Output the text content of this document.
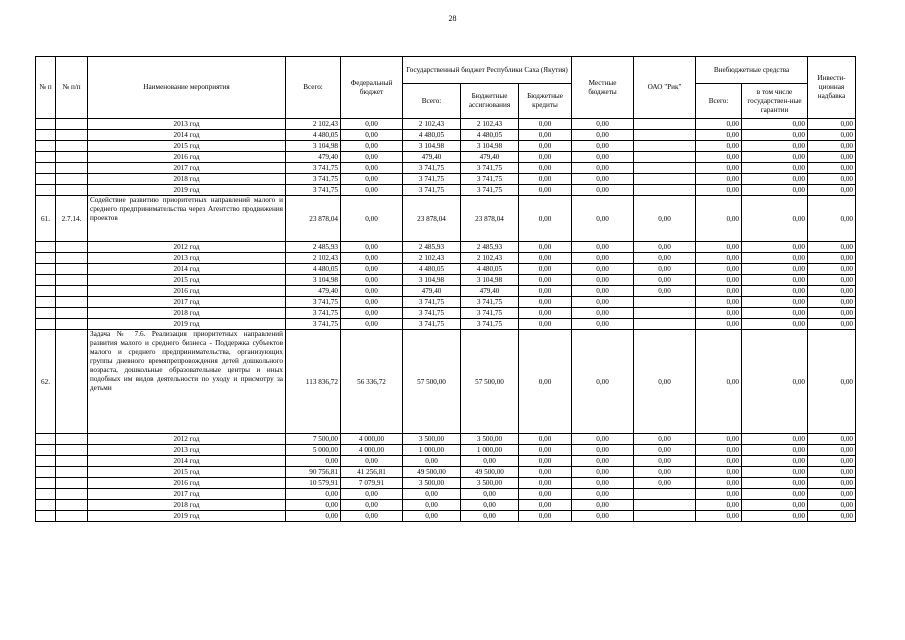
28
№ п	№ п/п	Наименование мероприятия	Всего:	Федеральный бюджет	Государственный бюджет Республики Саха (Якутия)			Местные бюджеты	ОАО "Рик"	Внебюджетные средства		Инвести-ционная надбавка
					Всего:	Бюджетные ассигнования	Бюджетные кредиты			Всего:	в том числе государствен-ные гарантии	
		2013 год	2 102,43	0,00	2 102,43	2 102,43	0,00	0,00		0,00	0,00	0,00
		2014 год	4 480,05	0,00	4 480,05	4 480,05	0,00	0,00		0,00	0,00	0,00
		2015 год	3 104,98	0,00	3 104,98	3 104,98	0,00	0,00		0,00	0,00	0,00
		2016 год	479,40	0,00	479,40	479,40	0,00	0,00		0,00	0,00	0,00
		2017 год	3 741,75	0,00	3 741,75	3 741,75	0,00	0,00		0,00	0,00	0,00
		2018 год	3 741,75	0,00	3 741,75	3 741,75	0,00	0,00		0,00	0,00	0,00
		2019 год	3 741,75	0,00	3 741,75	3 741,75	0,00	0,00		0,00	0,00	0,00
61.	2.7.14.	Содействие развитию приоритетных направлений малого и среднего предпринимательства через Агентство продвижения проектов	23 878,04	0,00	23 878,04	23 878,04	0,00	0,00	0,00	0,00	0,00	0,00
		2012 год	2 485,93	0,00	2 485,93	2 485,93	0,00	0,00	0,00	0,00	0,00	0,00
		2013 год	2 102,43	0,00	2 102,43	2 102,43	0,00	0,00	0,00	0,00	0,00	0,00
		2014 год	4 480,05	0,00	4 480,05	4 480,05	0,00	0,00	0,00	0,00	0,00	0,00
		2015 год	3 104,98	0,00	3 104,98	3 104,98	0,00	0,00	0,00	0,00	0,00	0,00
		2016 год	479,40	0,00	479,40	479,40	0,00	0,00	0,00	0,00	0,00	0,00
		2017 год	3 741,75	0,00	3 741,75	3 741,75	0,00	0,00		0,00	0,00	0,00
		2018 год	3 741,75	0,00	3 741,75	3 741,75	0,00	0,00		0,00	0,00	0,00
		2019 год	3 741,75	0,00	3 741,75	3 741,75	0,00	0,00		0,00	0,00	0,00
62.		Задача № 7.6. Реализация приоритетных направлений развития малого и среднего бизнеса - Поддержка субъектов малого и среднего предпринимательства, организующих группы дневного времяпрепровождения детей дошкольного возраста, дошкольные образовательные центры и иных подобных им видов деятельности по уходу и присмотру за детьми	113 836,72	56 336,72	57 500,00	57 500,00	0,00	0,00	0,00	0,00	0,00	0,00
		2012 год	7 500,00	4 000,00	3 500,00	3 500,00	0,00	0,00	0,00	0,00	0,00	0,00
		2013 год	5 000,00	4 000,00	1 000,00	1 000,00	0,00	0,00	0,00	0,00	0,00	0,00
		2014 год	0,00	0,00	0,00	0,00	0,00	0,00	0,00	0,00	0,00	0,00
		2015 год	90 756,81	41 256,81	49 500,00	49 500,00	0,00	0,00	0,00	0,00	0,00	0,00
		2016 год	10 579,91	7 079,91	3 500,00	3 500,00	0,00	0,00	0,00	0,00	0,00	0,00
		2017 год	0,00	0,00	0,00	0,00	0,00	0,00		0,00	0,00	0,00
		2018 год	0,00	0,00	0,00	0,00	0,00	0,00		0,00	0,00	0,00
		2019 год	0,00	0,00	0,00	0,00	0,00	0,00		0,00	0,00	0,00
